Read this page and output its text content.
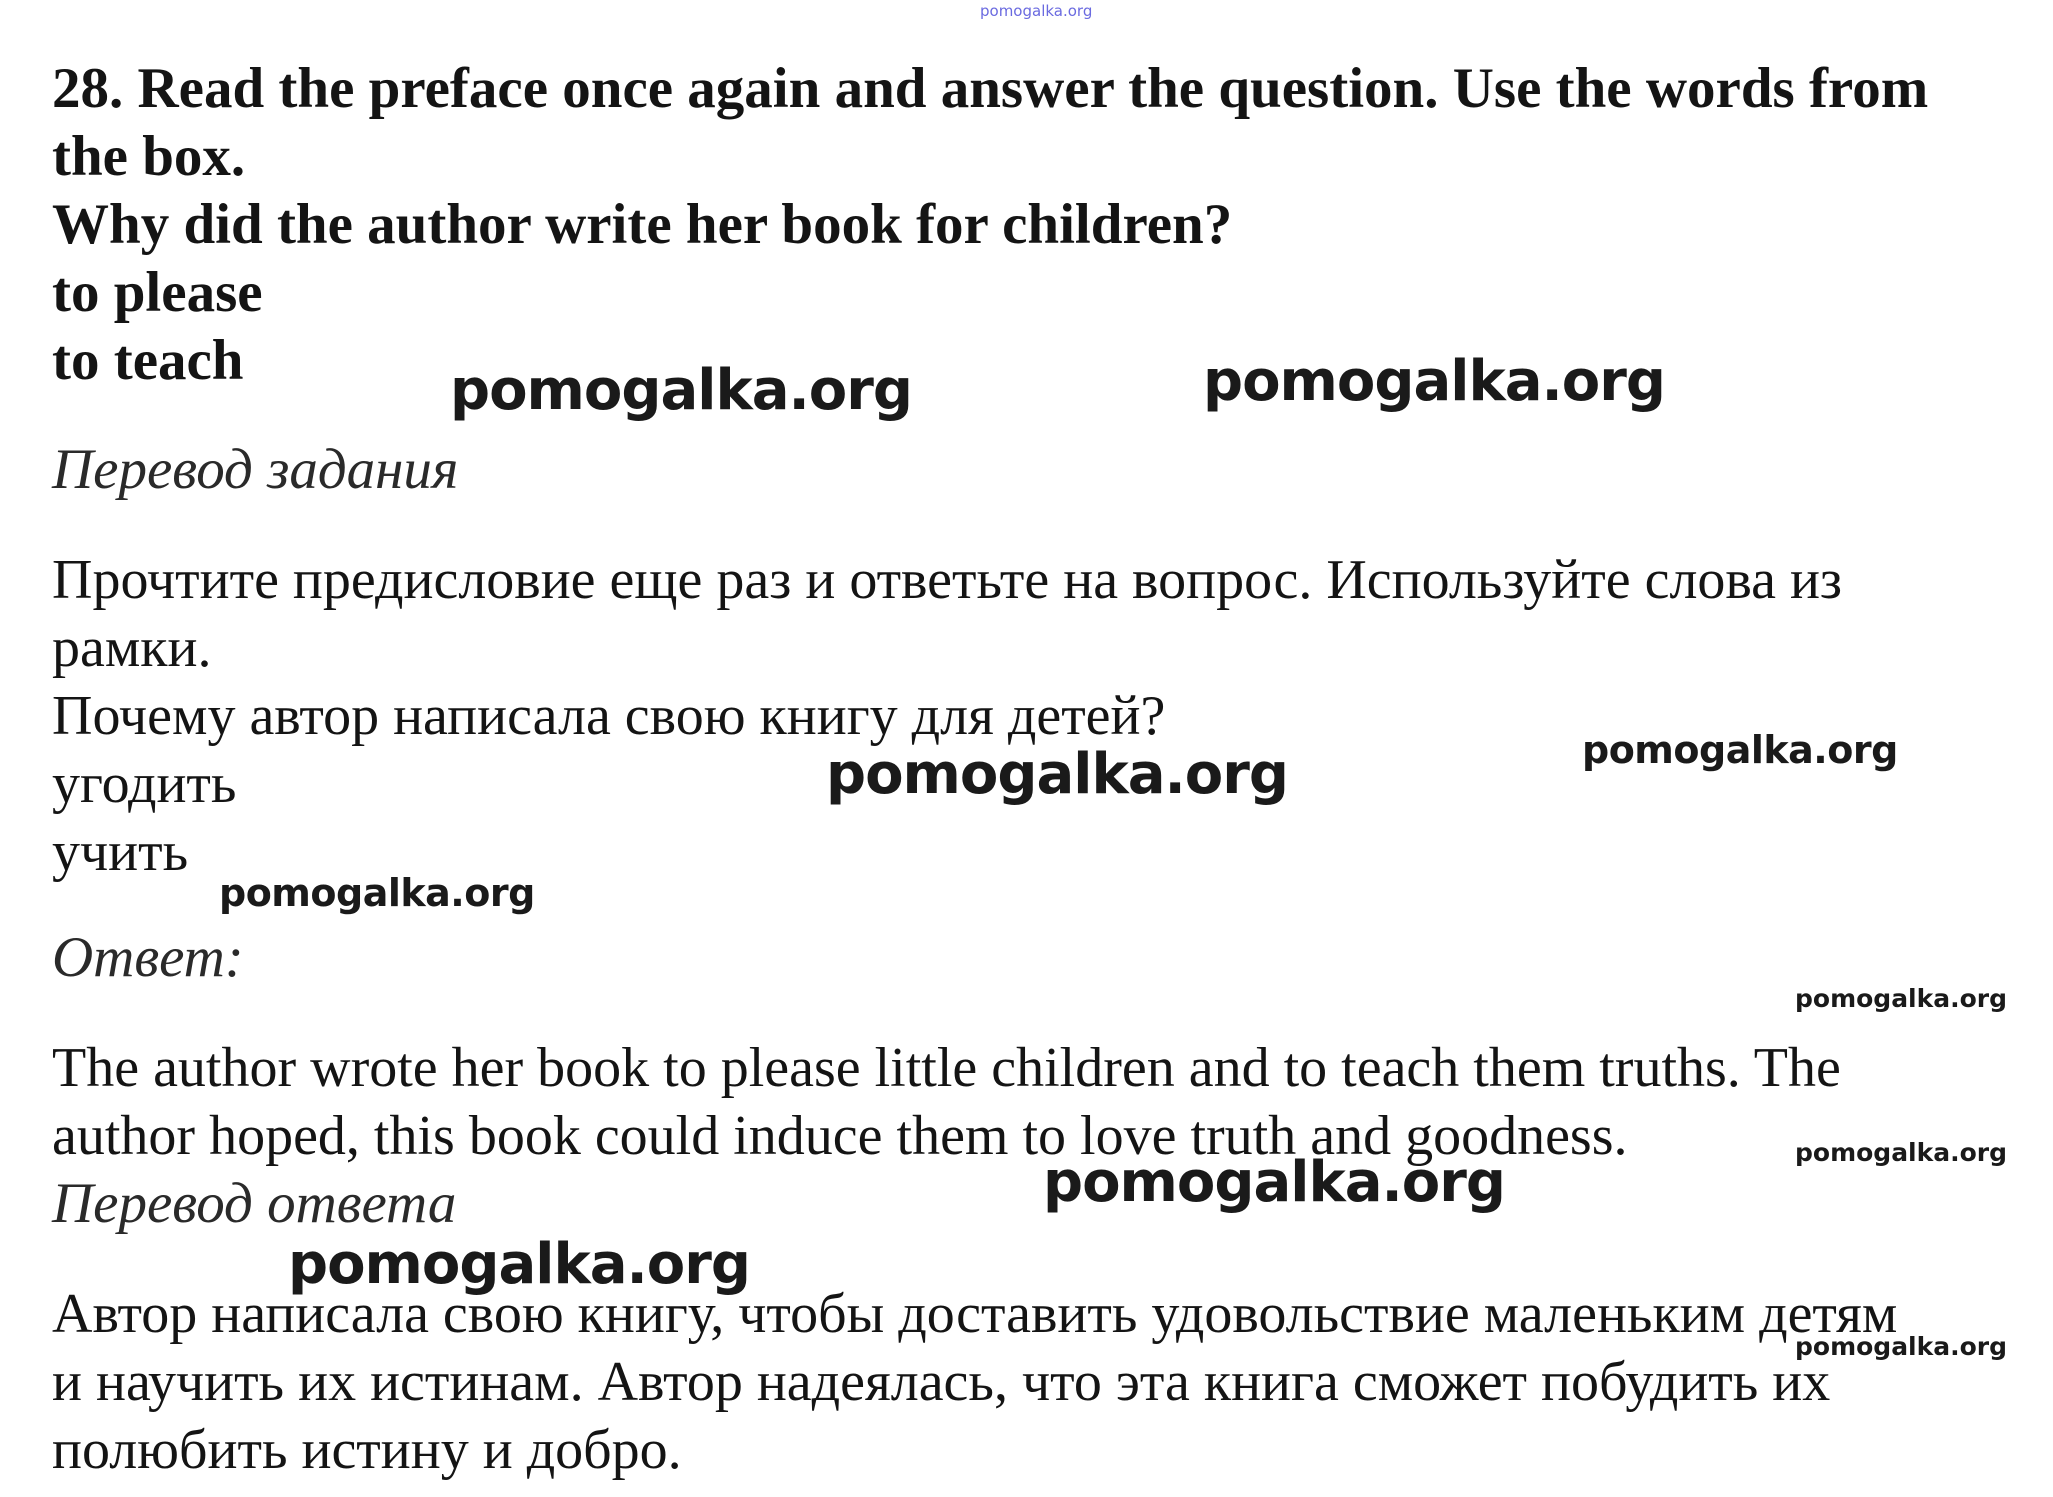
28. Read the preface once again and answer the question. Use the words from

the box.

Why did the author write her book for children?

to please

to teach

Перевод задания

Прочтите предисловие еще раз и ответьте на вопрос. Используйте слова из

рамки.

Почему автор написала свою книгу для детей?

угодить

учить

Ответ:

The author wrote her book to please little children and to teach them truths. The

author hoped, this book could induce them to love truth and goodness.

Перевод ответа

Автор написала свою книгу, чтобы доставить удовольствие маленьким детям

и научить их истинам. Автор надеялась, что эта книга сможет побудить их

полюбить истину и добро.

pomogalka.org
pomogalka.org	pomogalka.org
pomogalka.org	pomogalka.org
pomogalka.org
pomogalka.org
pomogalka.org
pomogalka.org
pomogalka.org
pomogalka.org
